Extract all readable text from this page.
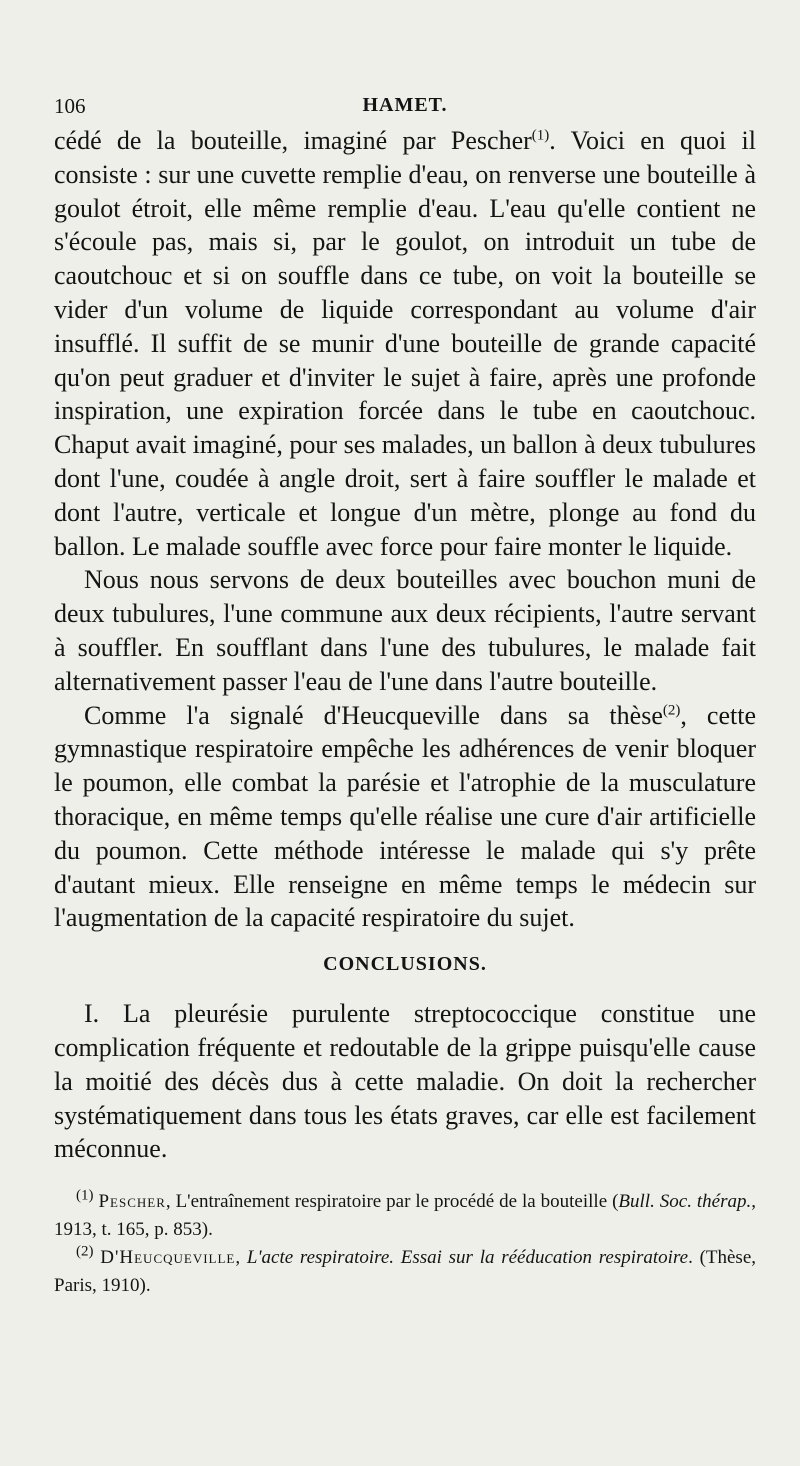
106	HAMET.

cédé de la bouteille, imaginé par Pescher$^{(1)}$. Voici en quoi il consiste : sur une cuvette remplie d'eau, on renverse une bouteille à goulot étroit, elle même remplie d'eau. L'eau qu'elle contient ne s'écoule pas, mais si, par le goulot, on introduit un tube de caoutchouc et si on souffle dans ce tube, on voit la bouteille se vider d'un volume de liquide correspondant au volume d'air insufflé. Il suffit de se munir d'une bouteille de grande capacité qu'on peut graduer et d'inviter le sujet à faire, après une profonde inspiration, une expiration forcée dans le tube en caoutchouc. Chaput avait imaginé, pour ses malades, un ballon à deux tubulures dont l'une, coudée à angle droit, sert à faire souffler le malade et dont l'autre, verticale et longue d'un mètre, plonge au fond du ballon. Le malade souffle avec force pour faire monter le liquide.

Nous nous servons de deux bouteilles avec bouchon muni de deux tubulures, l'une commune aux deux récipients, l'autre servant à souffler. En soufflant dans l'une des tubulures, le malade fait alternativement passer l'eau de l'une dans l'autre bouteille.

Comme l'a signalé d'Heucqueville dans sa thèse$^{(2)}$, cette gymnastique respiratoire empêche les adhérences de venir bloquer le poumon, elle combat la parésie et l'atrophie de la musculature thoracique, en même temps qu'elle réalise une cure d'air artificielle du poumon. Cette méthode intéresse le malade qui s'y prête d'autant mieux. Elle renseigne en même temps le médecin sur l'augmentation de la capacité respiratoire du sujet.

CONCLUSIONS.

I. La pleurésie purulente streptococcique constitue une complication fréquente et redoutable de la grippe puisqu'elle cause la moitié des décès dus à cette maladie. On doit la rechercher systématiquement dans tous les états graves, car elle est facilement méconnue.

$^{(1)}$ Pescher, L'entraînement respiratoire par le procédé de la bouteille (Bull. Soc. thérap., 1913, t. 165, p. 853).

$^{(2)}$ D'Heucqueville, L'acte respiratoire. Essai sur la rééducation respiratoire. (Thèse, Paris, 1910).
